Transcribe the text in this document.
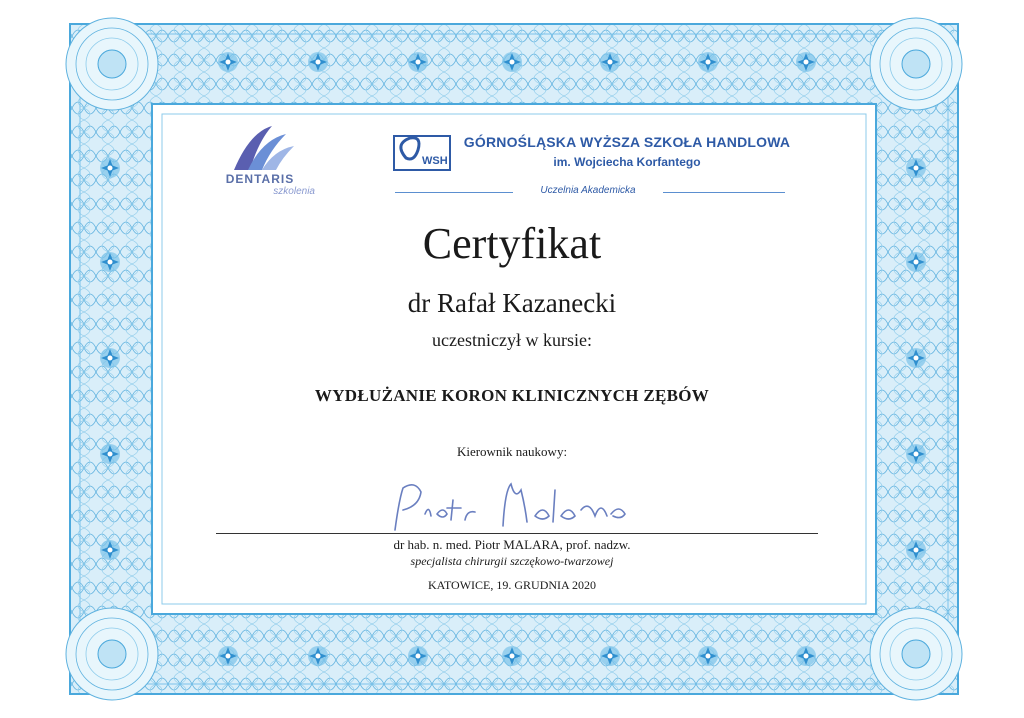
DENTARIS
szkolenia
WSH
GÓRNOŚLĄSKA WYŻSZA SZKOŁA HANDLOWA
im. Wojciecha Korfantego
Uczelnia Akademicka
Certyfikat
dr Rafał Kazanecki
uczestniczył w kursie:
WYDŁUŻANIE KORON KLINICZNYCH ZĘBÓW
Kierownik naukowy:
dr hab. n. med. Piotr MALARA, prof. nadzw.
specjalista chirurgii szczękowo-twarzowej
KATOWICE, 19. GRUDNIA 2020
